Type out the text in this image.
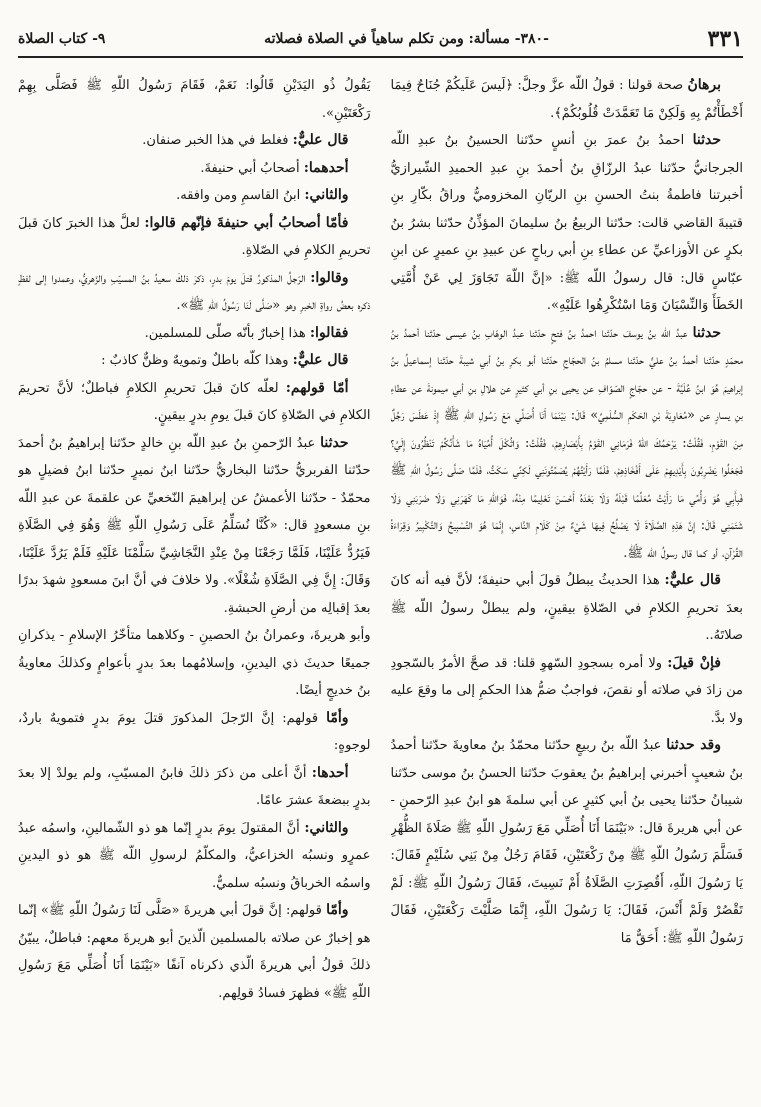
٣٣١
-٣٨٠- مسألة: ومن تكلم ساهياً في الصلاة فصلاته
٩- كتاب الصلاة

برهانُ صحة قولنا : قولُ اللّه عزَّ وجلَّ: ﴿لَيسَ عَلَيكُمْ جُنَاحٌ فِيمَا أَخْطَأْتُمْ بِهِ وَلَكِنْ مَا تَعَمَّدَتْ قُلُوبُكُمْ﴾.

حدثنا احمدُ بنُ عمرَ بنِ أنسٍ حدّثنا الحسينُ بنُ عبدِ اللّه الجرجانيُّ حدّثنا عبدُ الرزّاقِ بنُ أحمدَ بنِ عبدِ الحميدِ الشّيرازيُّ أخبرتنا فاطمةُ بنتُ الحسنِ بنِ الريّانِ المخزوميُّ وراقُ بكّارِ بنِ قتيبةَ القاضي قالت: حدّثنا الربيعُ بنُ سليمانَ المؤذِّنُ حدّثنا بشرُ بنُ بكرٍ عن الأوزاعيِّ عن عطاءِ بنِ أبي رباحٍ عن عبيدِ بنِ عميرٍ عن ابنِ عبّاسٍ قال: قال رسولُ اللّه ﷺ: «إنَّ اللّهَ تَجَاوَزَ لِي عَنْ أُمَّتِي الخَطَأَ وَالنِّسْيَانَ وَمَا اسْتُكْرِهُوا عَلَيْهِ».

حدثنا عبدُ اللّه بنُ يوسفَ حدّثنا احمدُ بنُ فتحٍ حدّثنا عبدُ الوهّابِ بنُ عيسى حدّثنا أحمدُ بنُ محمّدٍ حدّثنا أحمدُ بنُ عليٍّ حدّثنا مسلمُ بنُ الحجّاجِ حدّثنا أبو بكرِ بنُ أبي شيبةَ حدّثنا إسماعيلُ بنُ إبراهيمَ هُوَ ابنُ عُلَيَّةَ - عن حجّاجٍ الصّوّافِ عن يحيى بنِ أبي كثيرٍ عن هلالِ بنِ أبي ميمونةَ عن عطاءِ بنِ يسارٍ عن «مُعَاوِيَةَ بْنِ الحَكَمِ السُّلَمِيِّ» قَالَ: بَيْنَمَا أَنَا أُصَلِّي مَعَ رَسُولِ اللّهِ ﷺ إِذْ عَطَسَ رَجُلٌ مِنَ القَوْمِ، فَقُلْتُ: يَرْحَمُكَ اللّهُ فَرَمَانِي القَوْمُ بِأَبْصَارِهِمْ، فَقُلْتُ: وَاثُكْلَ أُمِّيَاهُ مَا شَأْنُكُمْ تَنْظُرُونَ إِلَيَّ؟ فَجَعَلُوا يَضْرِبُونَ بِأَيْدِيهِمْ عَلَى أَفْخَاذِهِمْ، فَلَمَّا رَأَيْتُهُمْ يُصَمِّتُونَنِي لَكِنِّي سَكَتُّ، فَلَمَّا صَلَّى رَسُولُ اللّهِ ﷺ فَبِأَبِي هُوَ وَأُمِّي مَا رَأَيْتُ مُعَلِّمًا قَبْلَهُ وَلَا بَعْدَهُ أَحْسَنَ تَعْلِيمًا مِنْهُ، فَوَاللّهِ مَا كَهَرَنِي وَلَا ضَرَبَنِي وَلَا شَتَمَنِي قَالَ: إِنَّ هَذِهِ الصَّلَاةَ لَا يَصْلُحُ فِيهَا شَيْءٌ مِنْ كَلَامِ النَّاسِ، إِنَّمَا هُوَ التَّسْبِيحُ وَالتَّكْبِيرُ وَقِرَاءَةُ القُرْآنِ، أو كما قال رسولُ اللّه ﷺ.

قال عليٌّ: هذا الحديثُ يبطلُ قولَ أبي حنيفةَ؛ لأنَّ فيه أنه كانَ بعدَ تحريمِ الكلامِ في الصّلاةِ بيقينٍ، ولم يبطلْ رسولُ اللّه ﷺ صلاتَهُ..

فإنْ قيلَ: ولا أمره بسجودِ السّهوِ قلنا: قد صحَّ الأمرُ بالسّجودِ من زادَ في صلاته أو نقصَ، فواجبٌ ضمُّ هذا الحكمِ إلى ما وقعَ عليه ولا بدَّ.

وقد حدثنا عبدُ اللّه بنُ ربيعٍ حدّثنا محمّدُ بنُ معاويةَ حدّثنا أحمدُ بنُ شعيبٍ أخبرني إبراهيمُ بنُ يعقوبَ حدّثنا الحسنُ بنُ موسى حدّثنا شيبانُ حدّثنا يحيى بنُ أبي كثيرٍ عن أبي سلمةَ هو ابنُ عبدِ الرّحمنِ - عن أبي هريرةَ قال: «بَيْنَمَا أَنَا أُصَلِّي مَعَ رَسُولِ اللّهِ ﷺ صَلَاةَ الظُّهْرِ فَسَلَّمَ رَسُولُ اللّهِ ﷺ مِنْ رَكْعَتَيْنِ، فَقَامَ رَجُلٌ مِنْ بَنِي سُلَيْمٍ فَقَالَ: يَا رَسُولَ اللّهِ، أَقُصِرَتِ الصَّلَاةُ أَمْ نَسِيتَ، فَقَالَ رَسُولُ اللّهِ ﷺ: لَمْ تَقْصُرْ وَلَمْ أَنْسَ، فَقَالَ: يَا رَسُولَ اللّهِ، إِنَّمَا صَلَّيْتَ رَكْعَتَيْنِ، فَقَالَ رَسُولُ اللّهِ ﷺ: أَحَقٌّ مَا

يَقُولُ ذُو اليَدَيْنِ قَالُوا: نَعَمْ، فَقَامَ رَسُولُ اللّهِ ﷺ فَصَلَّى بِهِمْ رَكْعَتَيْنِ».

قال عليٌّ: فغلط في هذا الخبر صنفان.

أحدهما: أصحابُ أبي حنيفةَ.

والثاني: ابنُ القاسمِ ومن وافقه.

فأمّا أصحابُ أبي حنيفةَ فإنّهم قالوا: لعلَّ هذا الخبرَ كانَ قبلَ تحريمِ الكلامِ في الصّلاةِ.

وقالوا: الرّجلُ المذكورُ قتلَ يومَ بدرٍ، ذكرَ ذلكَ سعيدُ بنُ المسيّبِ والزّهريُّ، وعمدوا إلى لفظٍ ذكره بعضُ رواةِ الخبرِ وهو «صَلَّى لَنَا رَسُولُ اللّهِ ﷺ».

فقالوا: هذا إخبارٌ بأنّه صلّى للمسلمين.

قال عليٌّ: وهذا كلّه باطلٌ وتمويهٌ وظنٌّ كاذبٌ :

أمّا قولهم: لعلّه كانَ قبلَ تحريمِ الكلامِ فباطلٌ؛ لأنَّ تحريمَ الكلامِ في الصّلاةِ كانَ قبلَ يومِ بدرٍ بيقينٍ.

حدثنا عبدُ الرّحمنِ بنُ عبدِ اللّه بنِ خالدٍ حدّثنا إبراهيمُ بنُ أحمدَ حدّثنا الفربريُّ حدّثنا البخاريُّ حدّثنا ابنُ نميرٍ حدّثنا ابنُ فضيلٍ هو محمّدٌ - حدّثنا الأعمشُ عن إبراهيمَ النّخعيِّ عن علقمةَ عن عبدِ اللّه بنِ مسعودٍ قال: «كُنَّا نُسَلِّمُ عَلَى رَسُولِ اللّهِ ﷺ وَهُوَ فِي الصَّلَاةِ فَيَرُدُّ عَلَيْنَا، فَلَمَّا رَجَعْنَا مِنْ عِنْدِ النَّجَاشِيِّ سَلَّمْنَا عَلَيْهِ فَلَمْ يَرُدَّ عَلَيْنَا، وَقَالَ: إِنَّ فِي الصَّلَاةِ شُغْلًا». ولا خلافَ في أنَّ ابنَ مسعودٍ شهدَ بدرًا بعدَ إقبالِه من أرضِ الحبشةِ.

وأبو هريرةَ، وعمرانُ بنُ الحصينِ - وكلاهما متأخّرُ الإسلامِ - يذكرانِ جميعًا حديثَ ذي اليدينِ، وإسلامُهما بعدَ بدرٍ بأعوامٍ وكذلكَ معاويةُ بنُ خديجٍ أيضًا.

وأمّا قولهم: إنَّ الرّجلَ المذكورَ قتلَ يومَ بدرٍ فتمويهٌ باردٌ، لوجوهٍ:

أحدها: أنَّ أعلى من ذكرَ ذلكَ فابنُ المسيّبِ، ولم يولدْ إلا بعدَ بدرٍ ببضعةَ عشرَ عامًا.

والثاني: أنَّ المقتولَ يومَ بدرٍ إنّما هو ذو الشّمالينِ، واسمُه عبدُ عمرٍو ونسبُه الخزاعيُّ، والمكلّمُ لرسولِ اللّه ﷺ هو ذو اليدينِ واسمُه الخرباقُ ونسبُه سلميٌّ.

وأمّا قولهم: إنَّ قولَ أبي هريرةَ «صَلَّى لَنَا رَسُولُ اللّهِ ﷺ» إنّما هو إخبارٌ عن صلاته بالمسلمين الّذينَ أبو هريرةَ معهم: فباطلٌ، يبيّنُ ذلكَ قولُ أبي هريرةَ الّذي ذكرناه آنفًا «بَيْنَمَا أَنَا أُصَلِّي مَعَ رَسُولِ اللّهِ ﷺ» فظهرَ فسادُ قولِهم.
